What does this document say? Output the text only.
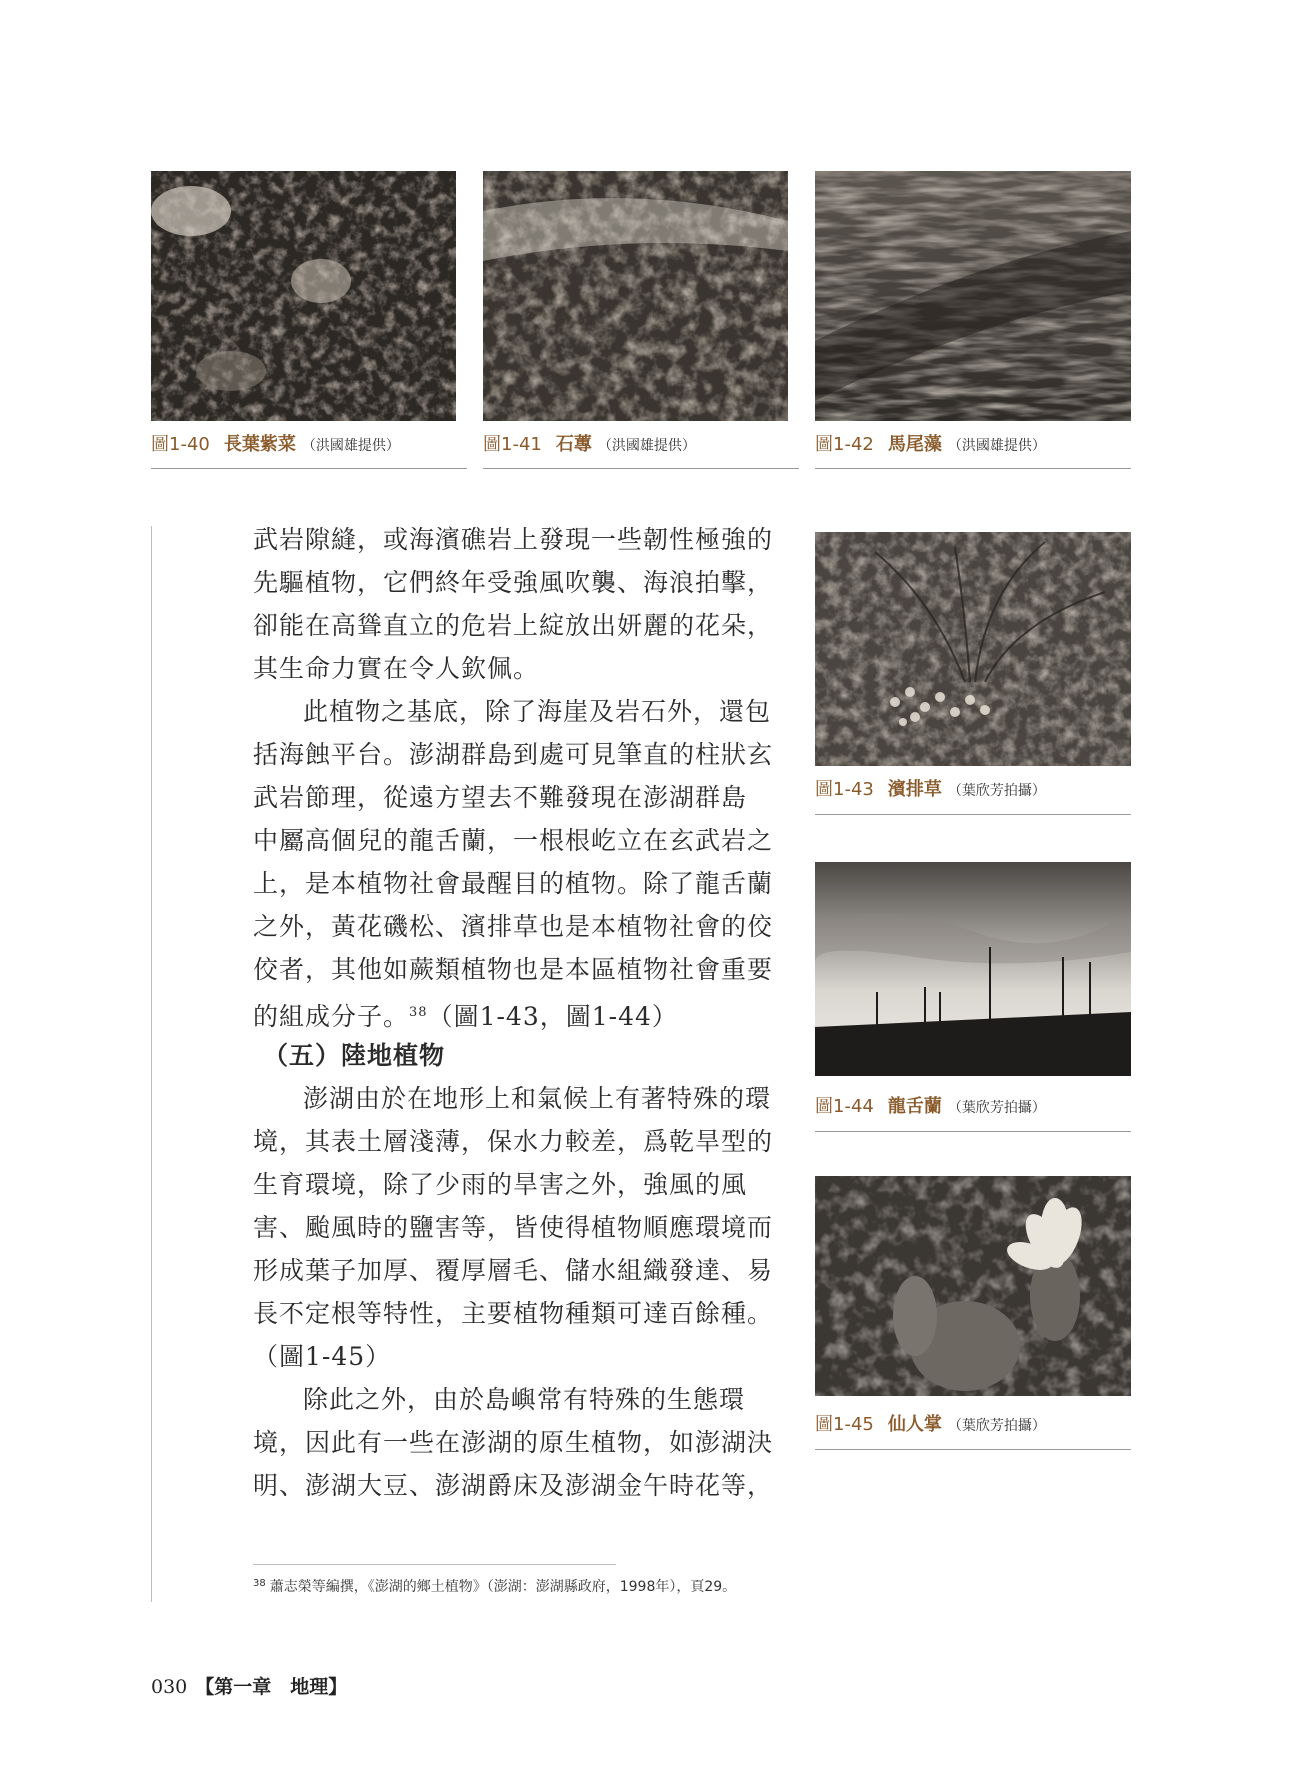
圖1-40 長葉紫菜 （洪國雄提供）	圖1-41 石蓴 （洪國雄提供）	圖1-42 馬尾藻 （洪國雄提供）
武岩隙縫，或海濱礁岩上發現一些韌性極強的
先驅植物，它們終年受強風吹襲、海浪拍擊，
卻能在高聳直立的危岩上綻放出妍麗的花朵，
其生命力實在令人欽佩。
此植物之基底，除了海崖及岩石外，還包
括海蝕平台。澎湖群島到處可見筆直的柱狀玄
武岩節理，從遠方望去不難發現在澎湖群島
中屬高個兒的龍舌蘭，一根根屹立在玄武岩之
上，是本植物社會最醒目的植物。除了龍舌蘭
之外，黃花磯松、濱排草也是本植物社會的佼
佼者，其他如蕨類植物也是本區植物社會重要
的組成分子。$^{38}$（圖1-43，圖1-44）
（五）陸地植物
澎湖由於在地形上和氣候上有著特殊的環
境，其表土層淺薄，保水力較差，爲乾旱型的
生育環境，除了少雨的旱害之外，強風的風
害、颱風時的鹽害等，皆使得植物順應環境而
形成葉子加厚、覆厚層毛、儲水組織發達、易
長不定根等特性，主要植物種類可達百餘種。
（圖1-45）
除此之外，由於島嶼常有特殊的生態環
境，因此有一些在澎湖的原生植物，如澎湖決
明、澎湖大豆、澎湖爵床及澎湖金午時花等，
圖1-43 濱排草 （葉欣芳拍攝）
圖1-44 龍舌蘭 （葉欣芳拍攝）
圖1-45 仙人掌 （葉欣芳拍攝）
$^{38}$ 蕭志榮等編撰，《澎湖的鄉土植物》（澎湖：澎湖縣政府，1998年），頁29。
030 【第一章　地理】
